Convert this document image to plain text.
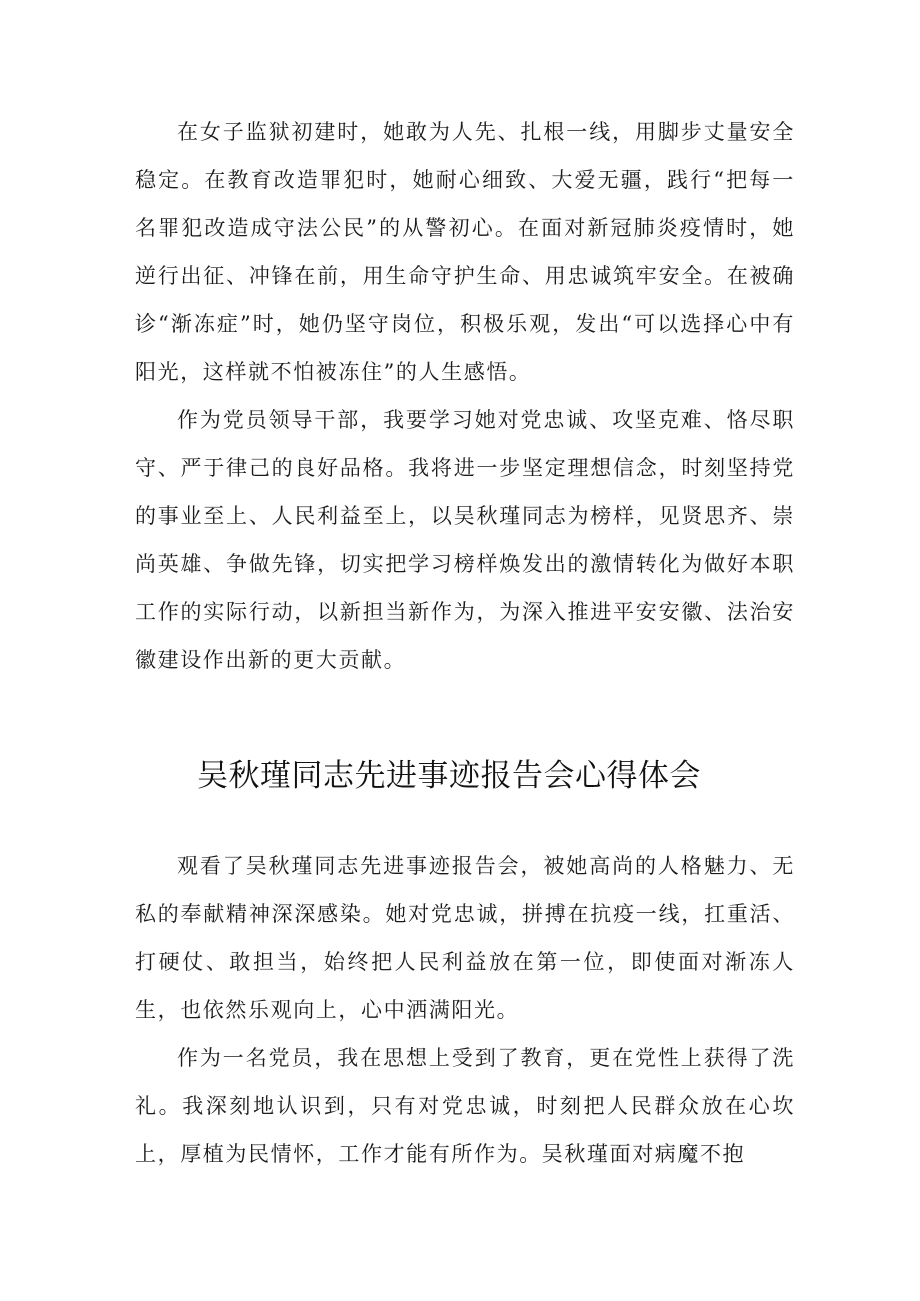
在女子监狱初建时，她敢为人先、扎根一线，用脚步丈量安全稳定。在教育改造罪犯时，她耐心细致、大爱无疆，践行“把每一名罪犯改造成守法公民”的从警初心。在面对新冠肺炎疫情时，她逆行出征、冲锋在前，用生命守护生命、用忠诚筑牢安全。在被确诊“渐冻症”时，她仍坚守岗位，积极乐观，发出“可以选择心中有阳光，这样就不怕被冻住”的人生感悟。

作为党员领导干部，我要学习她对党忠诚、攻坚克难、恪尽职守、严于律己的良好品格。我将进一步坚定理想信念，时刻坚持党的事业至上、人民利益至上，以吴秋瑾同志为榜样，见贤思齐、崇尚英雄、争做先锋，切实把学习榜样焕发出的激情转化为做好本职工作的实际行动，以新担当新作为，为深入推进平安安徽、法治安徽建设作出新的更大贡献。

吴秋瑾同志先进事迹报告会心得体会

观看了吴秋瑾同志先进事迹报告会，被她高尚的人格魅力、无私的奉献精神深深感染。她对党忠诚，拼搏在抗疫一线，扛重活、打硬仗、敢担当，始终把人民利益放在第一位，即使面对渐冻人生，也依然乐观向上，心中洒满阳光。

作为一名党员，我在思想上受到了教育，更在党性上获得了洗礼。我深刻地认识到，只有对党忠诚，时刻把人民群众放在心坎上，厚植为民情怀，工作才能有所作为。吴秋瑾面对病魔不抱
